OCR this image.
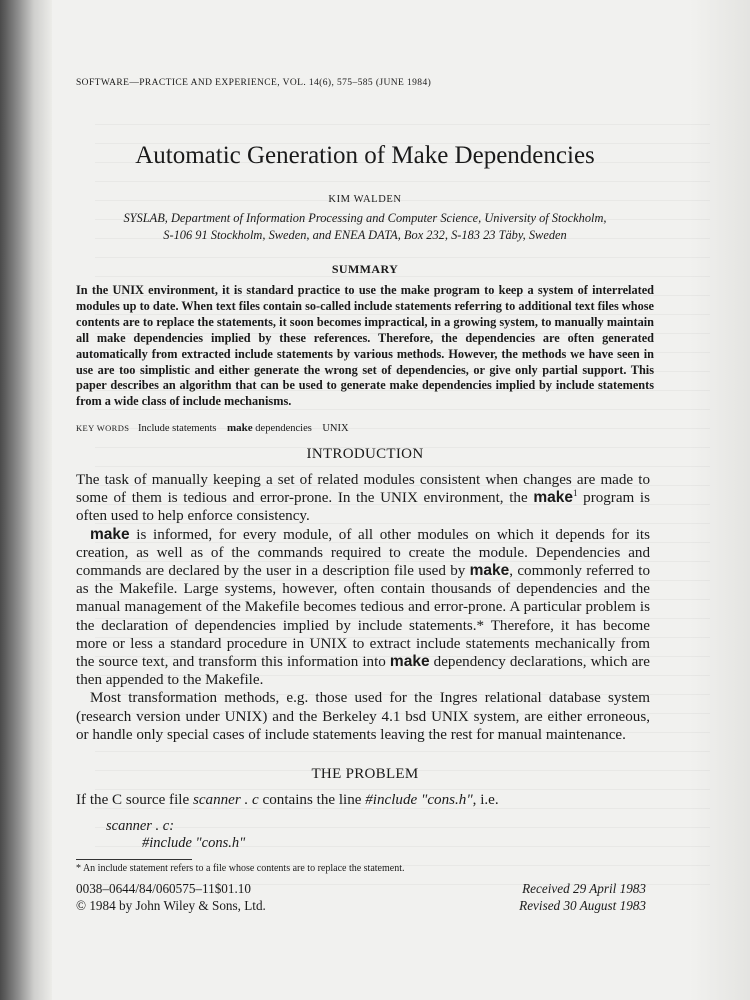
SOFTWARE—PRACTICE AND EXPERIENCE, VOL. 14(6), 575–585 (JUNE 1984)
Automatic Generation of Make Dependencies
KIM WALDEN
SYSLAB, Department of Information Processing and Computer Science, University of Stockholm,
S-106 91 Stockholm, Sweden, and ENEA DATA, Box 232, S-183 23 Täby, Sweden
SUMMARY
In the UNIX environment, it is standard practice to use the make program to keep a system of interrelated modules up to date. When text files contain so-called include statements referring to additional text files whose contents are to replace the statements, it soon becomes impractical, in a growing system, to manually maintain all make dependencies implied by these references. Therefore, the dependencies are often generated automatically from extracted include statements by various methods. However, the methods we have seen in use are too simplistic and either generate the wrong set of dependencies, or give only partial support. This paper describes an algorithm that can be used to generate make dependencies implied by include statements from a wide class of include mechanisms.
KEY WORDS Include statements make dependencies UNIX
INTRODUCTION

The task of manually keeping a set of related modules consistent when changes are made to some of them is tedious and error-prone. In the UNIX environment, the make$^1$ program is often used to help enforce consistency.

make is informed, for every module, of all other modules on which it depends for its creation, as well as of the commands required to create the module. Dependencies and commands are declared by the user in a description file used by make, commonly referred to as the Makefile. Large systems, however, often contain thousands of dependencies and the manual management of the Makefile becomes tedious and error-prone. A particular problem is the declaration of dependencies implied by include statements.* Therefore, it has become more or less a standard procedure in UNIX to extract include statements mechanically from the source text, and transform this information into make dependency declarations, which are then appended to the Makefile.

Most transformation methods, e.g. those used for the Ingres relational database system (research version under UNIX) and the Berkeley 4.1 bsd UNIX system, are either erroneous, or handle only special cases of include statements leaving the rest for manual maintenance.

THE PROBLEM
If the C source file scanner . c contains the line #include "cons.h", i.e.
scanner . c:
#include "cons.h"
* An include statement refers to a file whose contents are to replace the statement.
0038–0644/84/060575–11$01.10
© 1984 by John Wiley & Sons, Ltd.
Received 29 April 1983
Revised 30 August 1983
